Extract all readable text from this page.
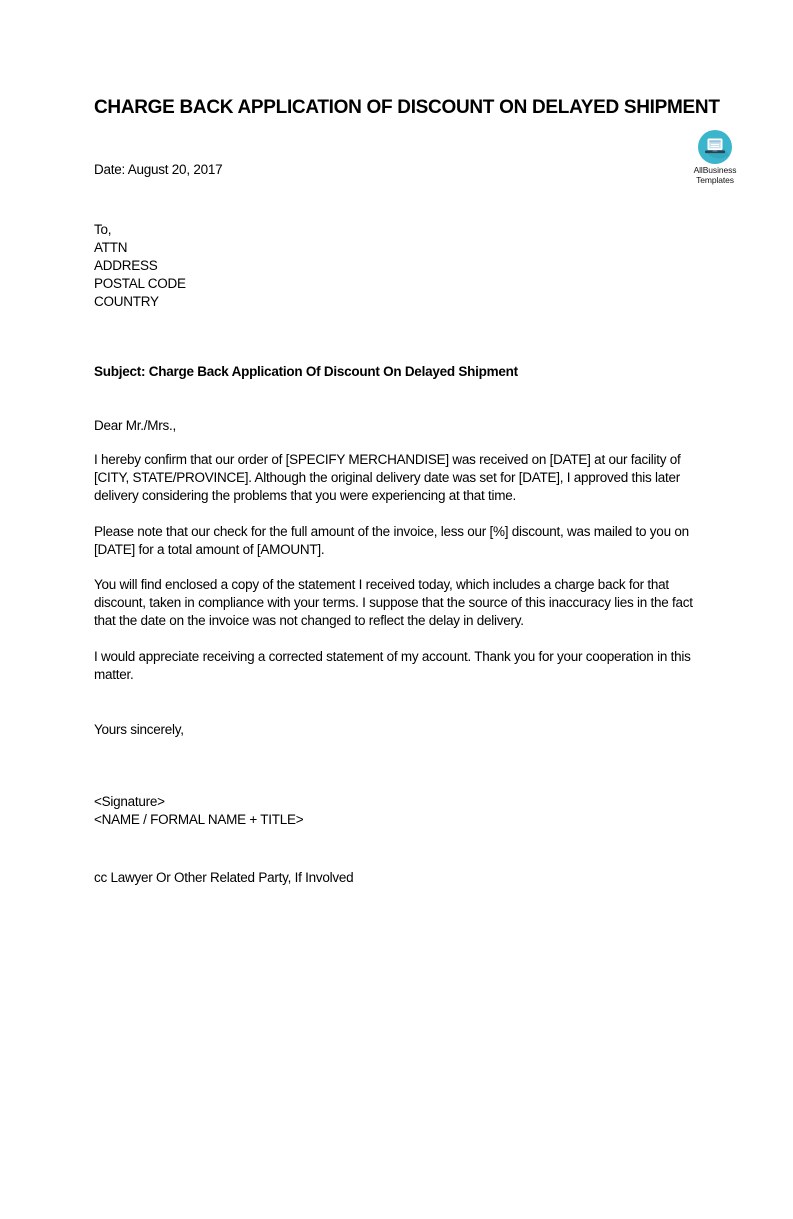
AllBusiness
Templates
CHARGE BACK APPLICATION OF DISCOUNT ON DELAYED SHIPMENT
Date: August 20, 2017
To,
ATTN
ADDRESS
POSTAL CODE
COUNTRY
Subject: Charge Back Application Of Discount On Delayed Shipment
Dear Mr./Mrs.,

I hereby confirm that our order of [SPECIFY MERCHANDISE] was received on [DATE] at our facility of [CITY, STATE/PROVINCE]. Although the original delivery date was set for [DATE], I approved this later delivery considering the problems that you were experiencing at that time.

Please note that our check for the full amount of the invoice, less our [%] discount, was mailed to you on [DATE] for a total amount of [AMOUNT].

You will find enclosed a copy of the statement I received today, which includes a charge back for that discount, taken in compliance with your terms. I suppose that the source of this inaccuracy lies in the fact that the date on the invoice was not changed to reflect the delay in delivery.

I would appreciate receiving a corrected statement of my account. Thank you for your cooperation in this matter.

Yours sincerely,
<Signature>
<NAME / FORMAL NAME + TITLE>
cc Lawyer Or Other Related Party, If Involved
